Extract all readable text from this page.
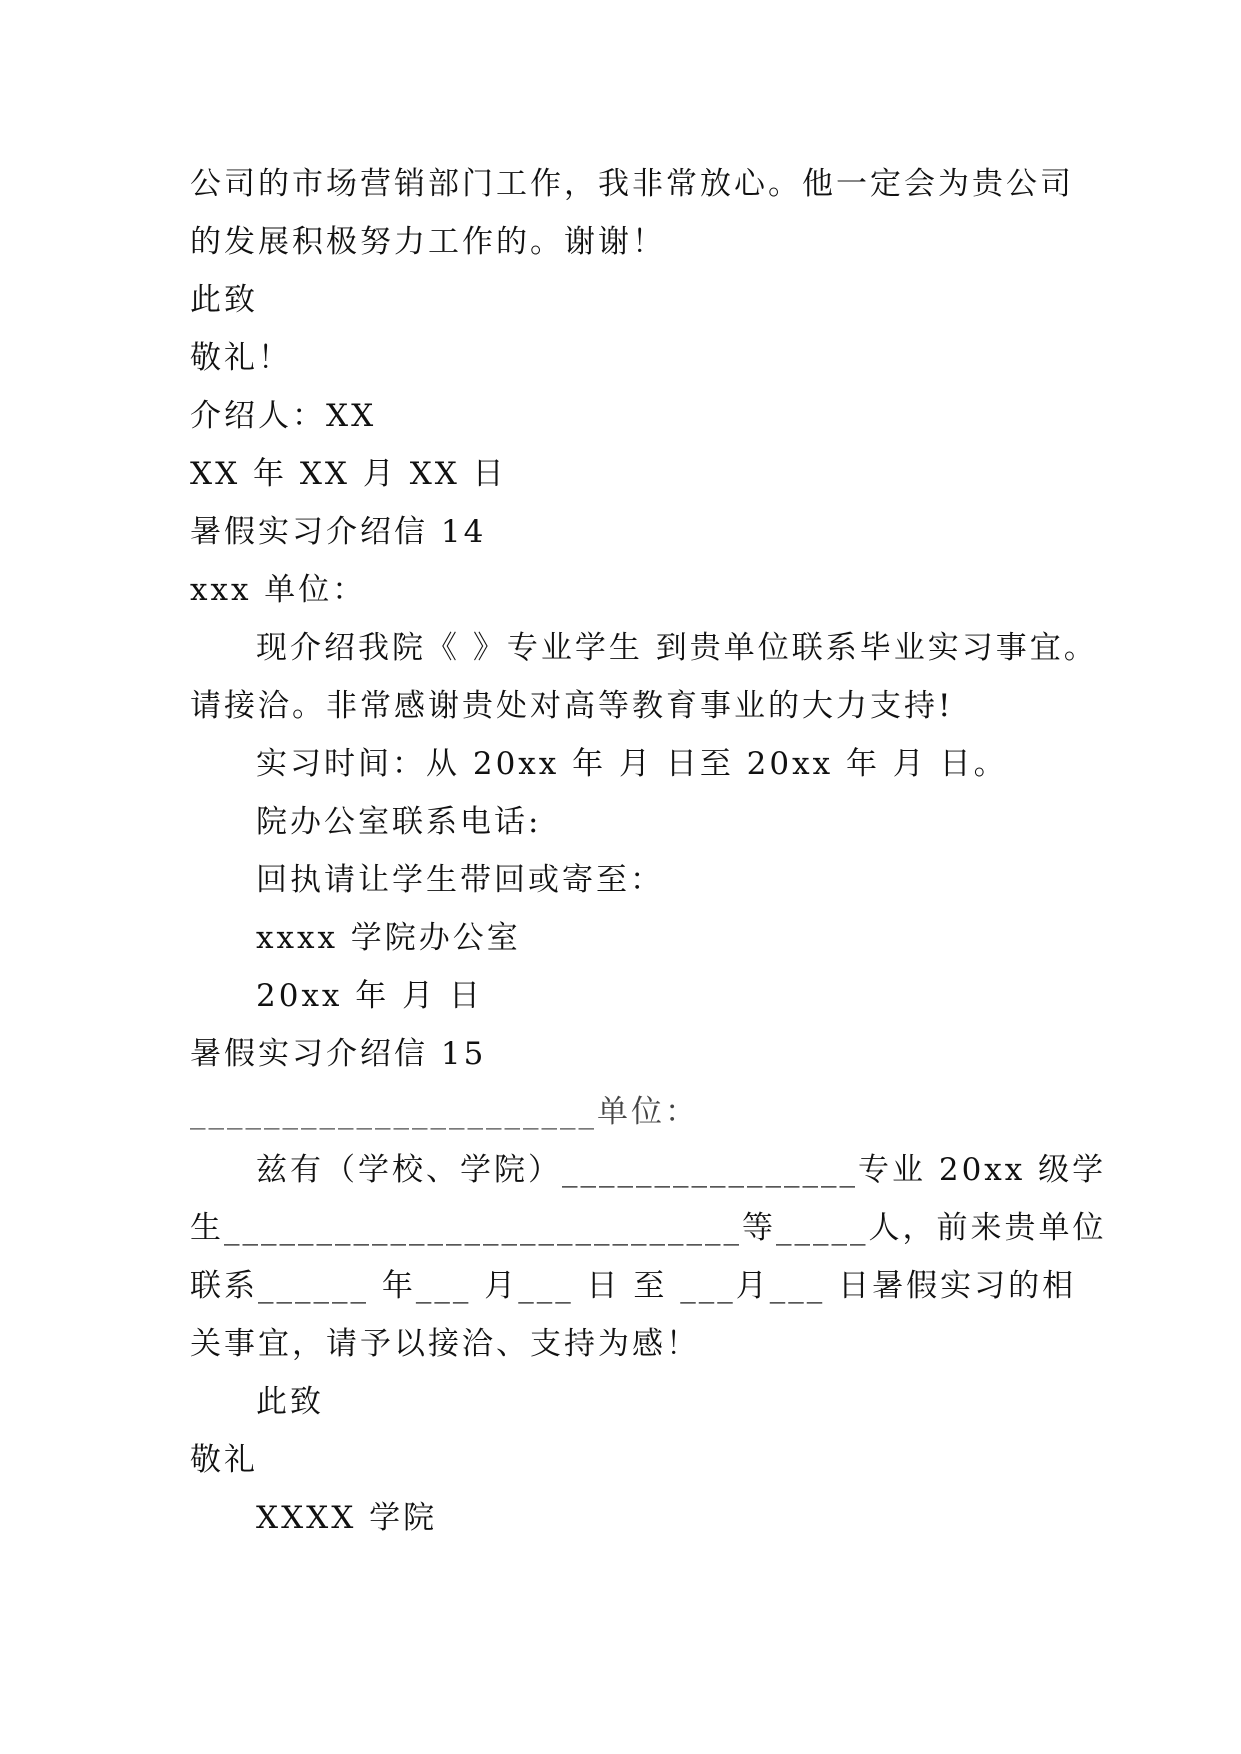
公司的市场营销部门工作，我非常放心。他一定会为贵公司
的发展积极努力工作的。谢谢！
此致
敬礼！
介绍人：XX
XX 年 XX 月 XX 日
暑假实习介绍信 14
xxx 单位：
现介绍我院《 》专业学生 到贵单位联系毕业实习事宜。
请接洽。非常感谢贵处对高等教育事业的大力支持!
实习时间：从 20xx 年 月 日至 20xx 年 月 日。
院办公室联系电话:
回执请让学生带回或寄至：
xxxx 学院办公室
20xx 年 月 日
暑假实习介绍信 15
______________________单位：
兹有（学校、学院）________________专业 20xx 级学
生____________________________等_____人，前来贵单位
联系______ 年___ 月___ 日 至 ___月___ 日暑假实习的相
关事宜，请予以接洽、支持为感！
此致
敬礼
XXXX 学院
